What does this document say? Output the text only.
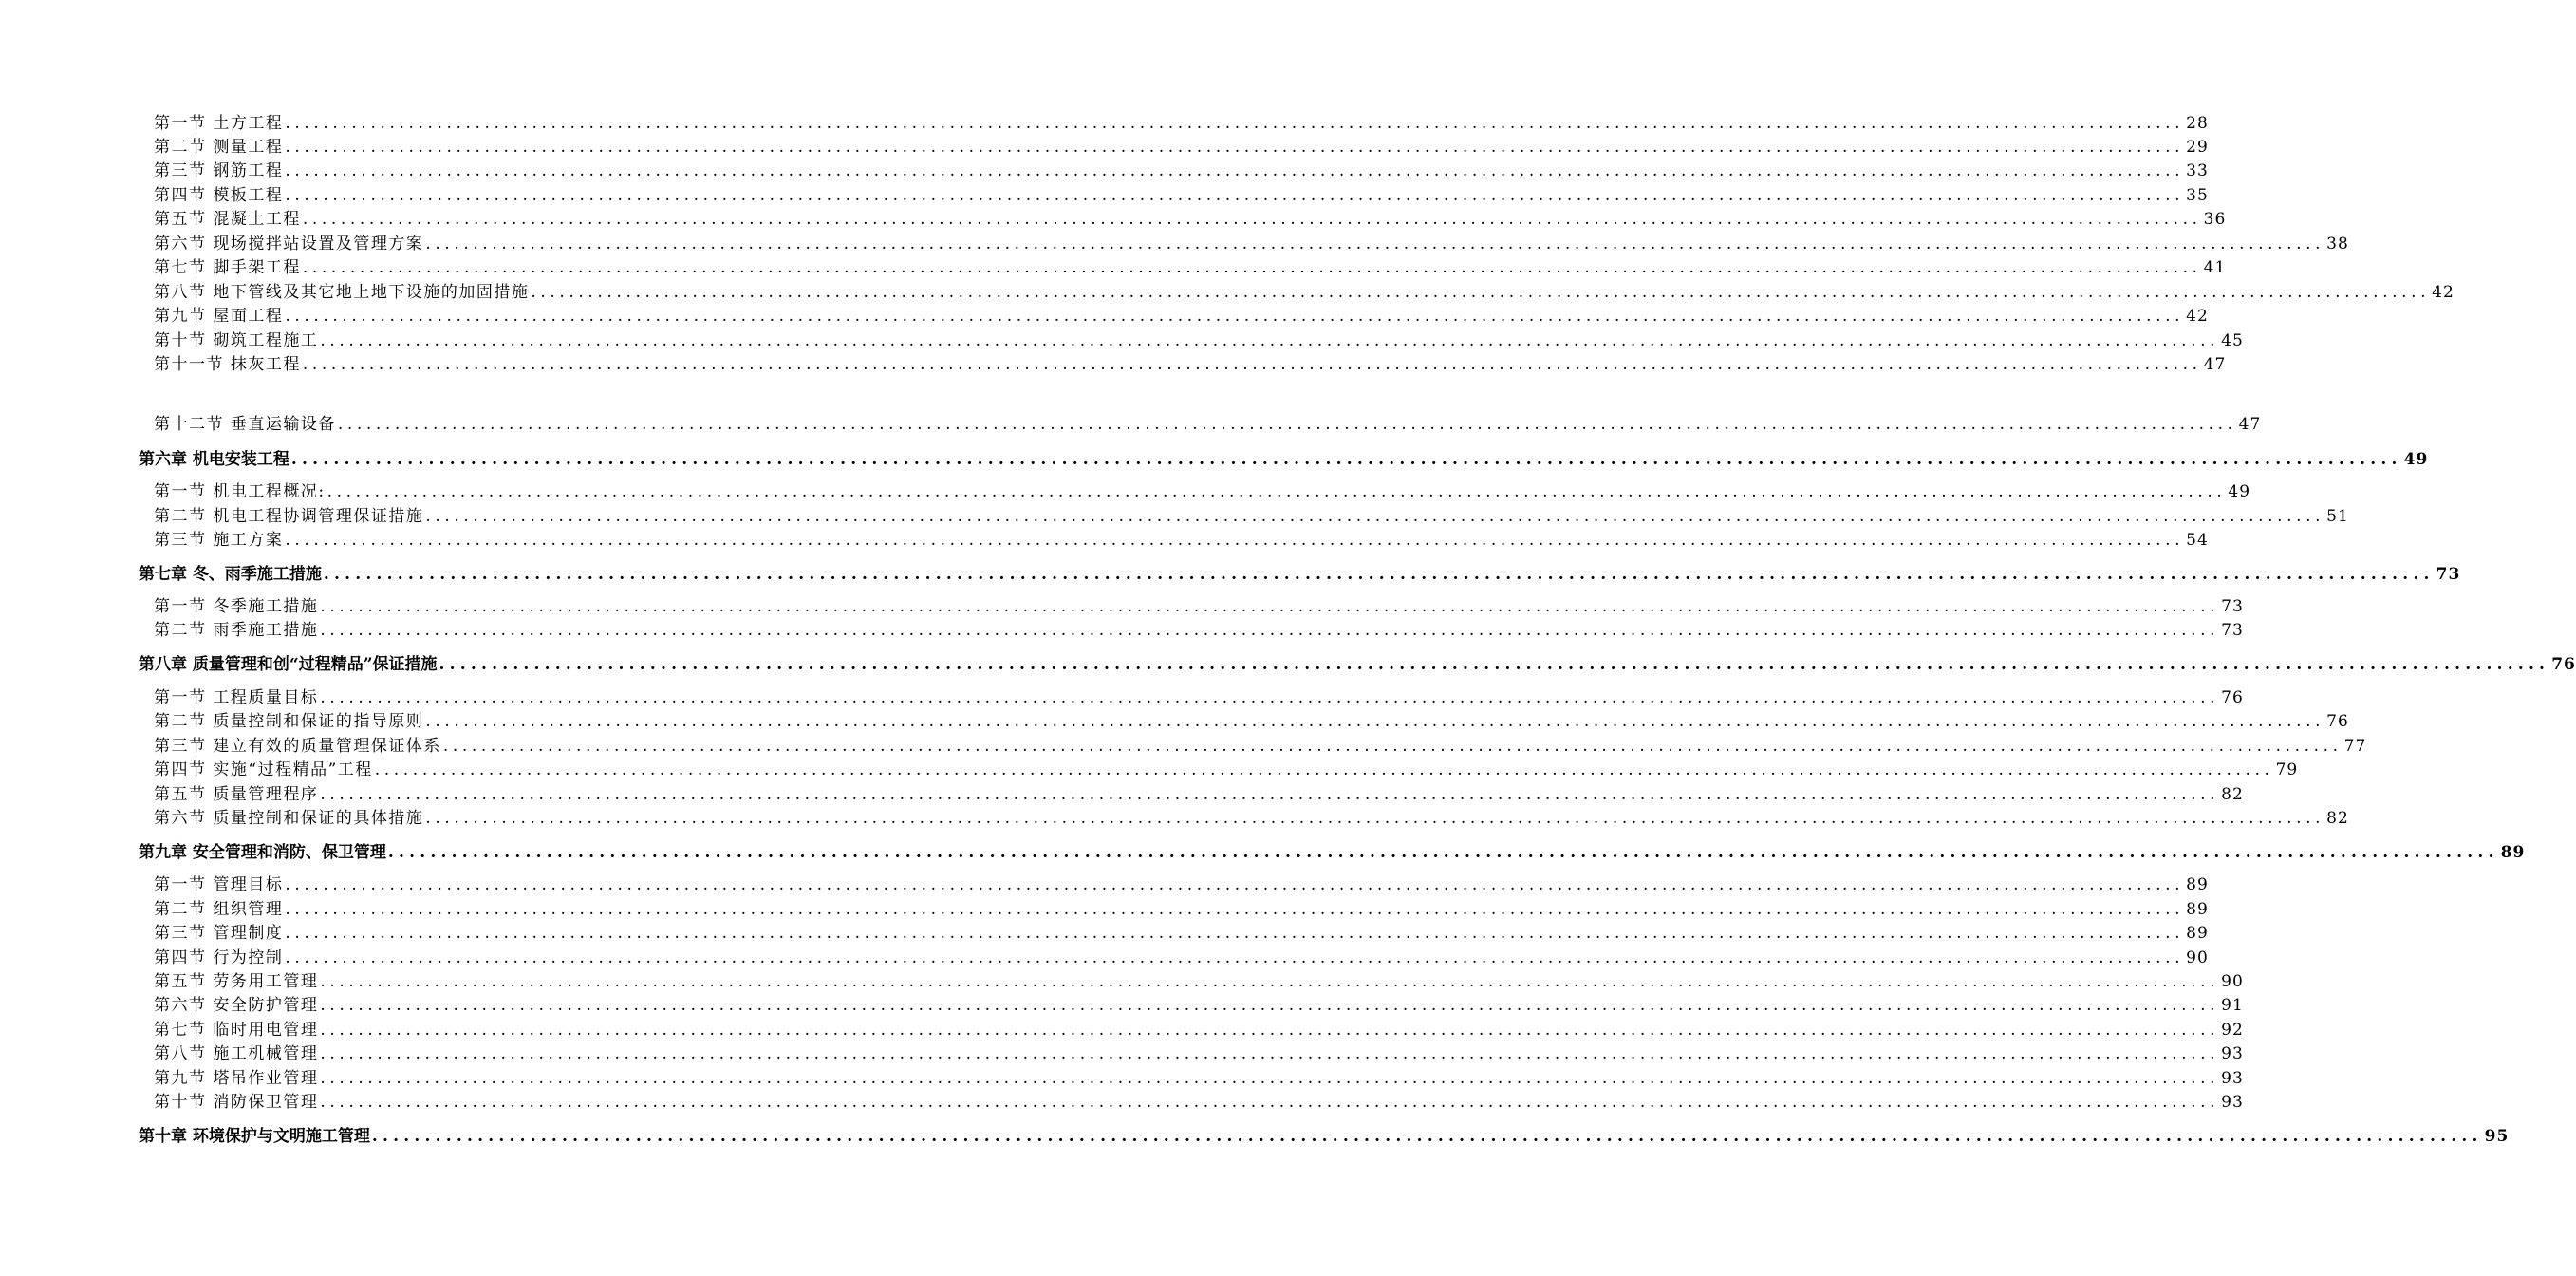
第一节 土方工程 ........................................................................................................................................................................................................ 28
第二节 测量工程 ........................................................................................................................................................................................................ 29
第三节 钢筋工程 ........................................................................................................................................................................................................ 33
第四节 模板工程 ........................................................................................................................................................................................................ 35
第五节 混凝土工程 ........................................................................................................................................................................................................ 36
第六节 现场搅拌站设置及管理方案 ........................................................................................................................................................................................................ 38
第七节 脚手架工程 ........................................................................................................................................................................................................ 41
第八节 地下管线及其它地上地下设施的加固措施 ........................................................................................................................................................................................................ 42
第九节 屋面工程 ........................................................................................................................................................................................................ 42
第十节 砌筑工程施工 ........................................................................................................................................................................................................ 45
第十一节 抹灰工程 ........................................................................................................................................................................................................ 47
第十二节 垂直运输设备 ........................................................................................................................................................................................................ 47
第六章 机电安装工程 ........................................................................................................................................................................................................ 49
第一节 机电工程概况: ........................................................................................................................................................................................................ 49
第二节 机电工程协调管理保证措施 ........................................................................................................................................................................................................ 51
第三节 施工方案 ........................................................................................................................................................................................................ 54
第七章 冬、雨季施工措施 ........................................................................................................................................................................................................ 73
第一节 冬季施工措施 ........................................................................................................................................................................................................ 73
第二节 雨季施工措施 ........................................................................................................................................................................................................ 73
第八章 质量管理和创“过程精品”保证措施 ........................................................................................................................................................................................................ 76
第一节 工程质量目标 ........................................................................................................................................................................................................ 76
第二节 质量控制和保证的指导原则 ........................................................................................................................................................................................................ 76
第三节 建立有效的质量管理保证体系 ........................................................................................................................................................................................................ 77
第四节 实施“过程精品”工程 ........................................................................................................................................................................................................ 79
第五节 质量管理程序 ........................................................................................................................................................................................................ 82
第六节 质量控制和保证的具体措施 ........................................................................................................................................................................................................ 82
第九章 安全管理和消防、保卫管理 ........................................................................................................................................................................................................ 89
第一节 管理目标 ........................................................................................................................................................................................................ 89
第二节 组织管理 ........................................................................................................................................................................................................ 89
第三节 管理制度 ........................................................................................................................................................................................................ 89
第四节 行为控制 ........................................................................................................................................................................................................ 90
第五节 劳务用工管理 ........................................................................................................................................................................................................ 90
第六节 安全防护管理 ........................................................................................................................................................................................................ 91
第七节 临时用电管理 ........................................................................................................................................................................................................ 92
第八节 施工机械管理 ........................................................................................................................................................................................................ 93
第九节 塔吊作业管理 ........................................................................................................................................................................................................ 93
第十节 消防保卫管理 ........................................................................................................................................................................................................ 93
第十章 环境保护与文明施工管理 ........................................................................................................................................................................................................ 95
